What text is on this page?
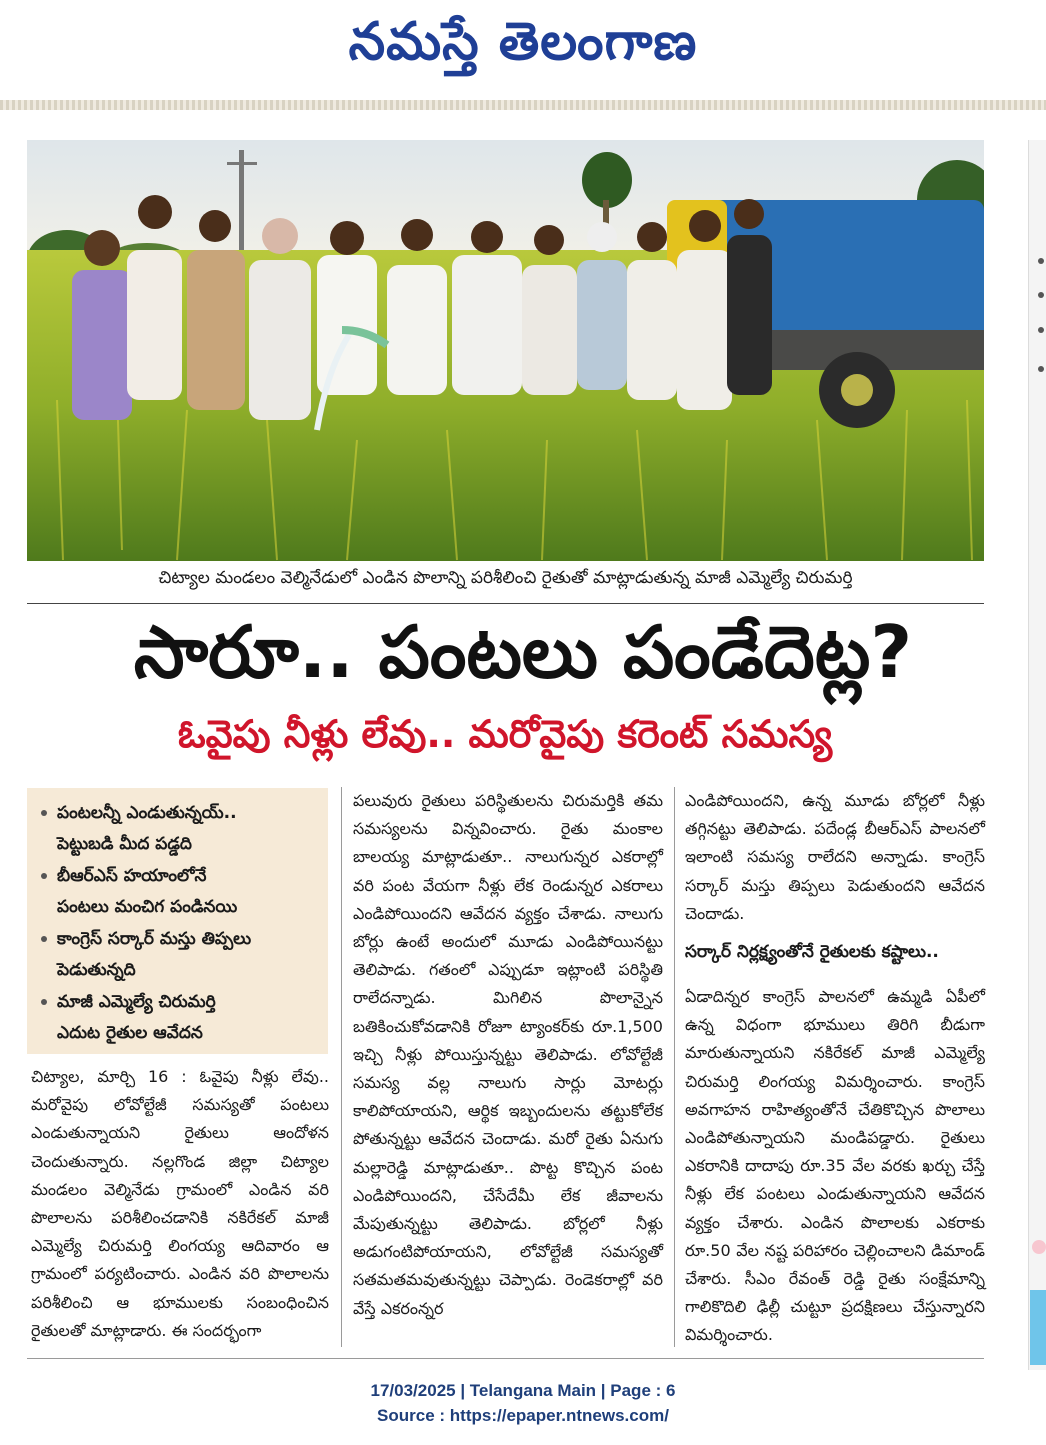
నమస్తే తెలంగాణ
చిట్యాల మండలం వెల్మినేడులో ఎండిన పొలాన్ని పరిశీలించి రైతుతో మాట్లాడుతున్న మాజీ ఎమ్మెల్యే చిరుమర్తి
సారూ.. పంటలు పండేదెట్ల?
ఓవైపు నీళ్లు లేవు.. మరోవైపు కరెంట్ సమస్య
పంటలన్నీ ఎండుతున్నయ్..
పెట్టుబడి మీద పడ్డది
బీఆర్ఎస్ హయాంలోనే
పంటలు మంచిగ పండినయి
కాంగ్రెస్ సర్కార్ మస్తు తిప్పలు
పెడుతున్నది
మాజీ ఎమ్మెల్యే చిరుమర్తి
ఎదుట రైతుల ఆవేదన

చిట్యాల, మార్చి 16 : ఓవైపు నీళ్లు లేవు.. మరోవైపు లోవోల్టేజీ సమస్యతో పంటలు ఎండుతున్నాయని రైతులు ఆందోళన చెందుతున్నారు. నల్లగొండ జిల్లా చిట్యాల మండలం వెల్మినేడు గ్రామంలో ఎండిన వరి పొలాలను పరిశీలించడానికి నకిరేకల్ మాజీ ఎమ్మెల్యే చిరుమర్తి లింగయ్య ఆదివారం ఆ గ్రామంలో పర్యటించారు. ఎండిన వరి పొలాలను పరిశీలించి ఆ భూములకు సంబంధించిన రైతులతో మాట్లాడారు. ఈ సందర్భంగా

పలువురు రైతులు పరిస్థితులను చిరుమర్తికి తమ సమస్యలను విన్నవించారు. రైతు మంకాల బాలయ్య మాట్లాడుతూ.. నాలుగున్నర ఎకరాల్లో వరి పంట వేయగా నీళ్లు లేక రెండున్నర ఎకరాలు ఎండిపోయిందని ఆవేదన వ్యక్తం చేశాడు. నాలుగు బోర్లు ఉంటే అందులో మూడు ఎండిపోయినట్టు తెలిపాడు. గతంలో ఎప్పుడూ ఇట్లాంటి పరిస్థితి రాలేదన్నాడు. మిగిలిన పొలాన్నైన బతికించుకోవడానికి రోజూ ట్యాంకర్‌కు రూ.1,500 ఇచ్చి నీళ్లు పోయిస్తున్నట్టు తెలిపాడు. లోవోల్టేజీ సమస్య వల్ల నాలుగు సార్లు మోటర్లు కాలిపోయాయని, ఆర్థిక ఇబ్బందులను తట్టుకోలేక పోతున్నట్టు ఆవేదన చెందాడు. మరో రైతు ఏనుగు మల్లారెడ్డి మాట్లాడుతూ.. పొట్ట కొచ్చిన పంట ఎండిపోయిందని, చేసేదేమీ లేక జీవాలను మేపుతున్నట్టు తెలిపాడు. బోర్లలో నీళ్లు అడుగంటిపోయాయని, లోవోల్టేజీ సమస్యతో సతమతమవుతున్నట్టు చెప్పాడు. రెండెకరాల్లో వరి వేస్తే ఎకరంన్నర

ఎండిపోయిందని, ఉన్న మూడు బోర్లలో నీళ్లు తగ్గినట్టు తెలిపాడు. పదేండ్ల బీఆర్ఎస్ పాలనలో ఇలాంటి సమస్య రాలేదని అన్నాడు. కాంగ్రెస్ సర్కార్ మస్తు తిప్పలు పెడుతుందని ఆవేదన చెందాడు.

సర్కార్ నిర్లక్ష్యంతోనే రైతులకు కష్టాలు..

ఏడాదిన్నర కాంగ్రెస్ పాలనలో ఉమ్మడి ఏపీలో ఉన్న విధంగా భూములు తిరిగి బీడుగా మారుతున్నాయని నకిరేకల్ మాజీ ఎమ్మెల్యే చిరుమర్తి లింగయ్య విమర్శించారు. కాంగ్రెస్ అవగాహన రాహిత్యంతోనే చేతికొచ్చిన పొలాలు ఎండిపోతున్నాయని మండిపడ్డారు. రైతులు ఎకరానికి దాదాపు రూ.35 వేల వరకు ఖర్చు చేస్తే నీళ్లు లేక పంటలు ఎండుతున్నాయని ఆవేదన వ్యక్తం చేశారు. ఎండిన పొలాలకు ఎకరాకు రూ.50 వేల నష్ట పరిహారం చెల్లించాలని డిమాండ్ చేశారు. సీఎం రేవంత్ రెడ్డి రైతు సంక్షేమాన్ని గాలికొదిలి ఢిల్లీ చుట్టూ ప్రదక్షిణలు చేస్తున్నారని విమర్శించారు.

17/03/2025 | Telangana Main | Page : 6
Source : https://epaper.ntnews.com/
